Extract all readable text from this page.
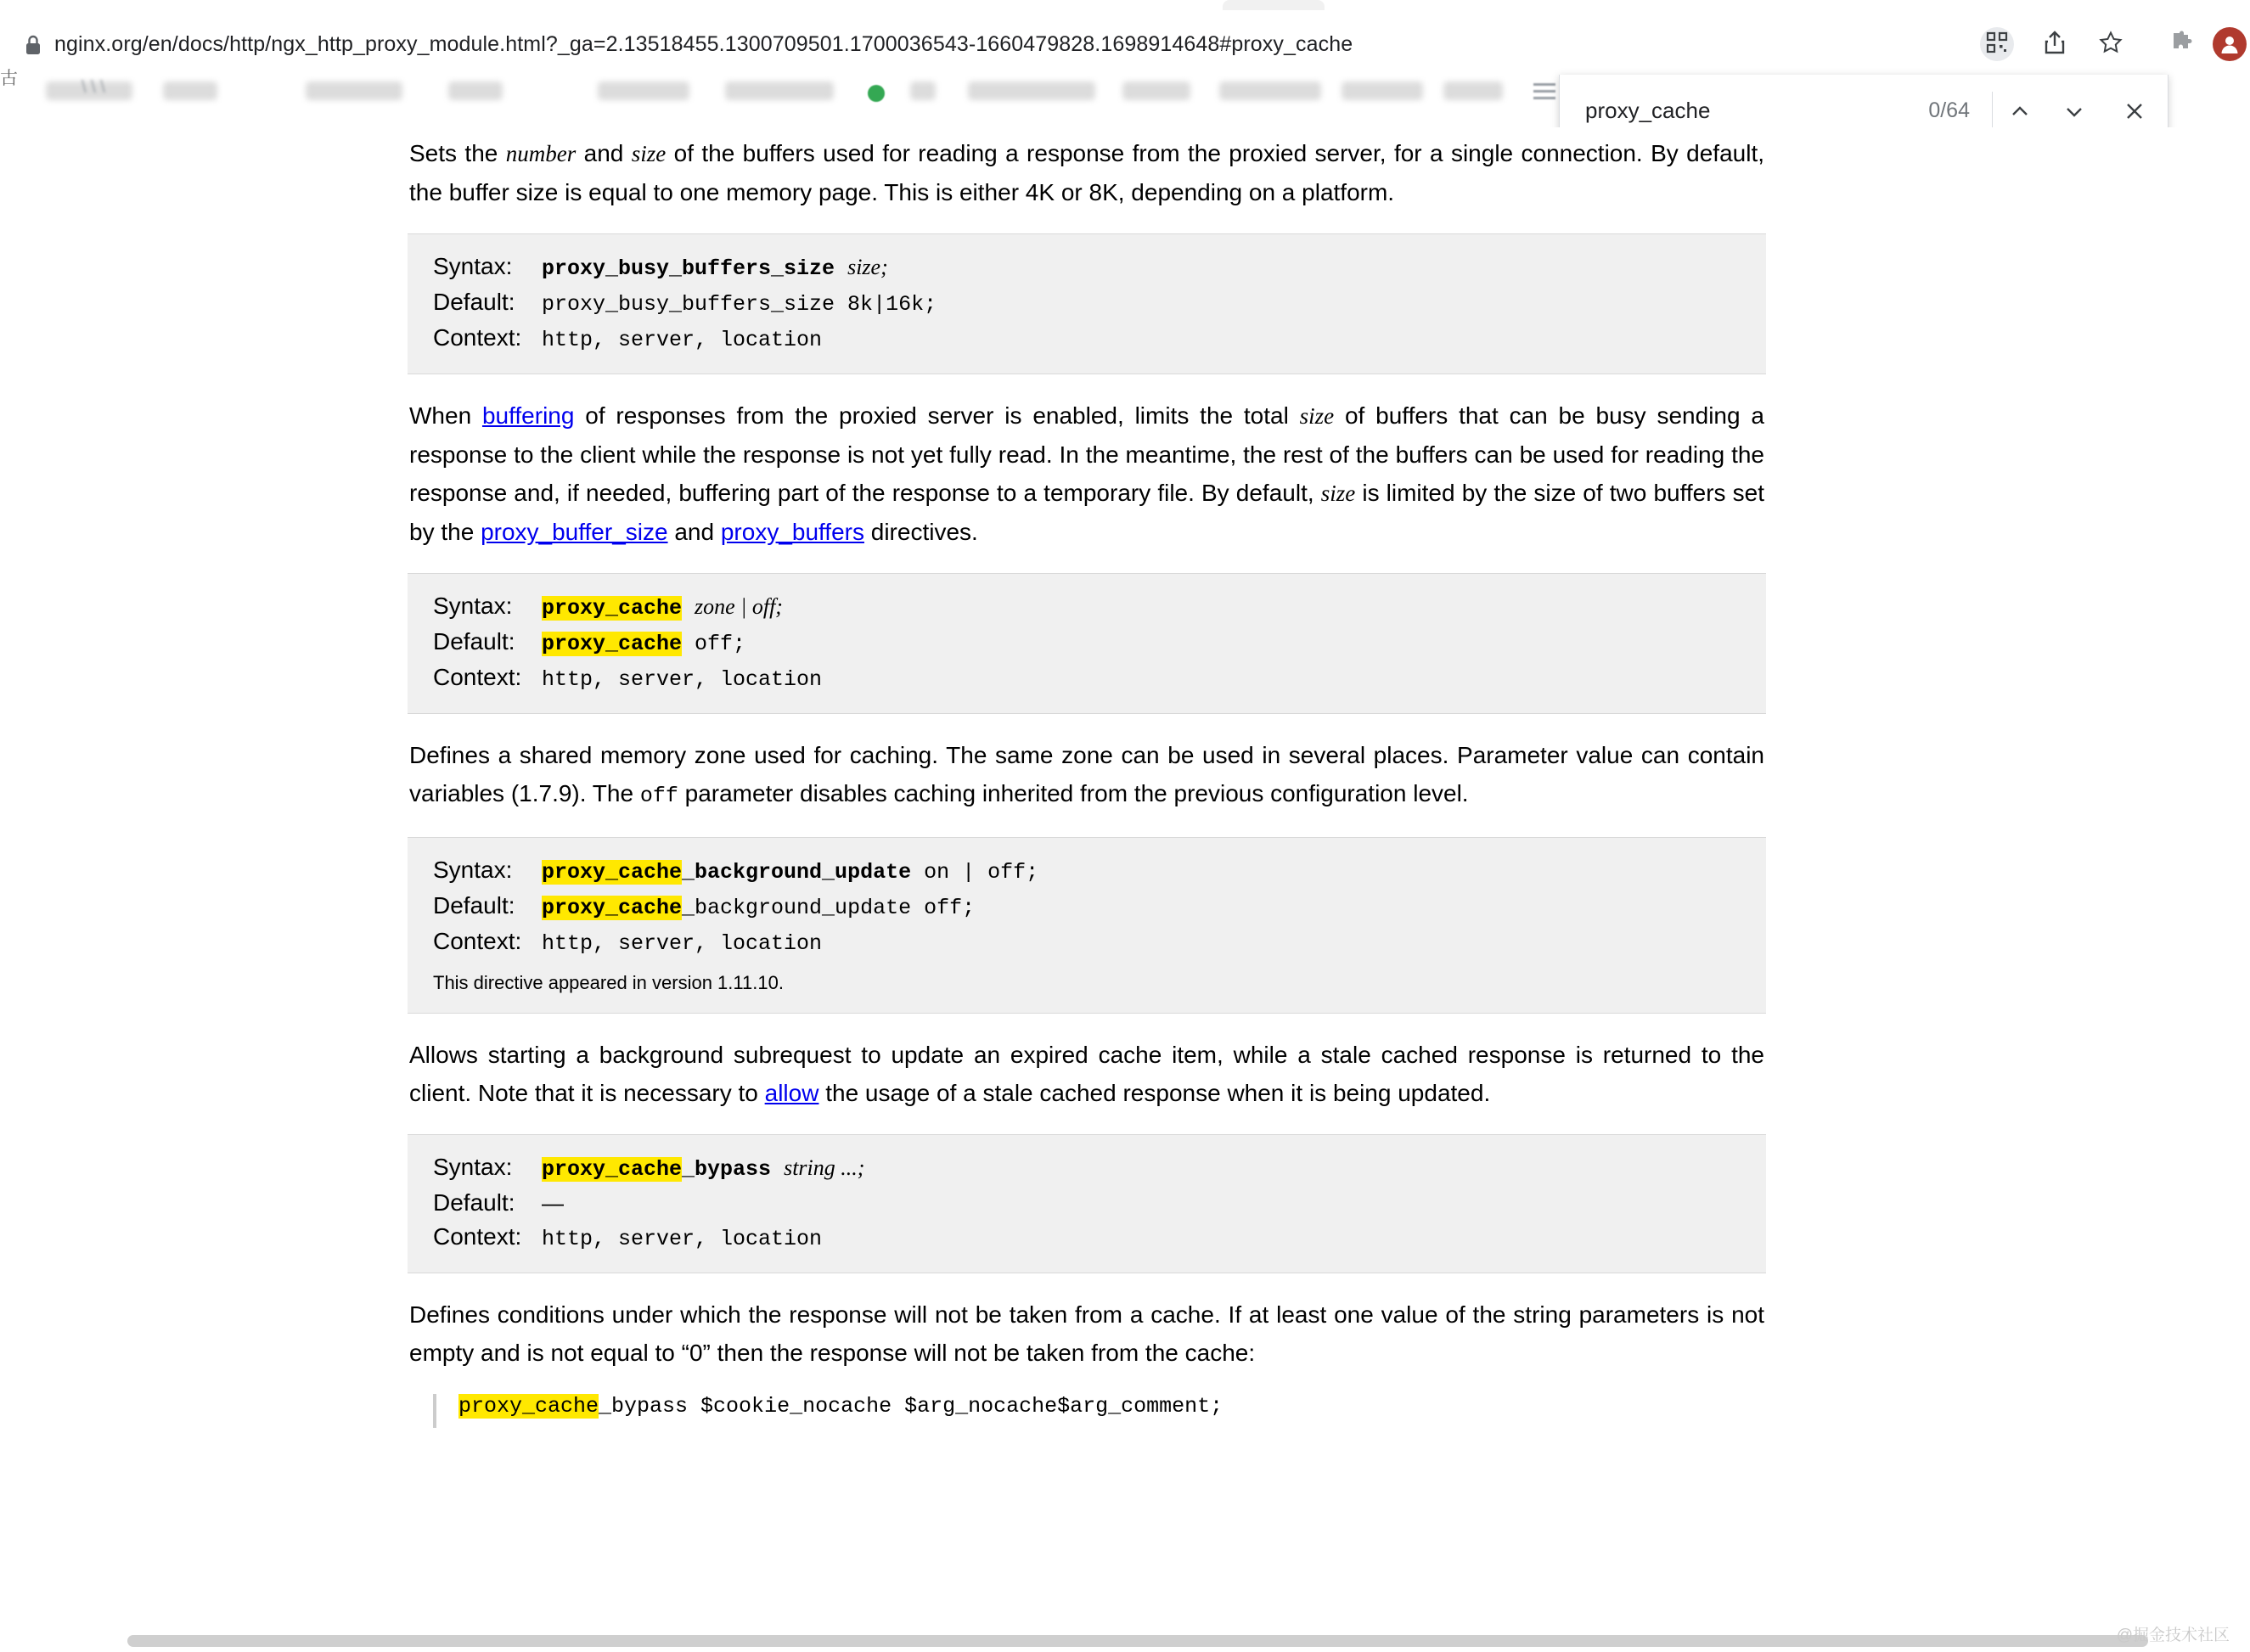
nginx.org/en/docs/http/ngx_http_proxy_module.html?_ga=2.13518455.1300709501.1700036543-1660479828.1698914648#proxy_cache
古	\ \ \
proxy_cache
0/64

Sets the number and size of the buffers used for reading a response from the proxied server, for a single connection. By default, the buffer size is equal to one memory page. This is either 4K or 8K, depending on a platform.

Syntax:	proxy_busy_buffers_size size;
Default:	proxy_busy_buffers_size 8k|16k;
Context: http, server, location

When buffering of responses from the proxied server is enabled, limits the total size of buffers that can be busy sending a response to the client while the response is not yet fully read. In the meantime, the rest of the buffers can be used for reading the response and, if needed, buffering part of the response to a temporary file. By default, size is limited by the size of two buffers set by the proxy_buffer_size and proxy_buffers directives.

Syntax:	proxy_cache zone | off;
Default:	proxy_cache off;
Context: http, server, location

Defines a shared memory zone used for caching. The same zone can be used in several places. Parameter value can contain variables (1.7.9). The off parameter disables caching inherited from the previous configuration level.

Syntax:	proxy_cache_background_update on | off;
Default:	proxy_cache_background_update off;
Context: http, server, location
This directive appeared in version 1.11.10.

Allows starting a background subrequest to update an expired cache item, while a stale cached response is returned to the client. Note that it is necessary to allow the usage of a stale cached response when it is being updated.

Syntax:	proxy_cache_bypass string ...;
Default:	—
Context: http, server, location

Defines conditions under which the response will not be taken from a cache. If at least one value of the string parameters is not empty and is not equal to “0” then the response will not be taken from the cache:

proxy_cache_bypass $cookie_nocache $arg_nocache$arg_comment;
@掘金技术社区
